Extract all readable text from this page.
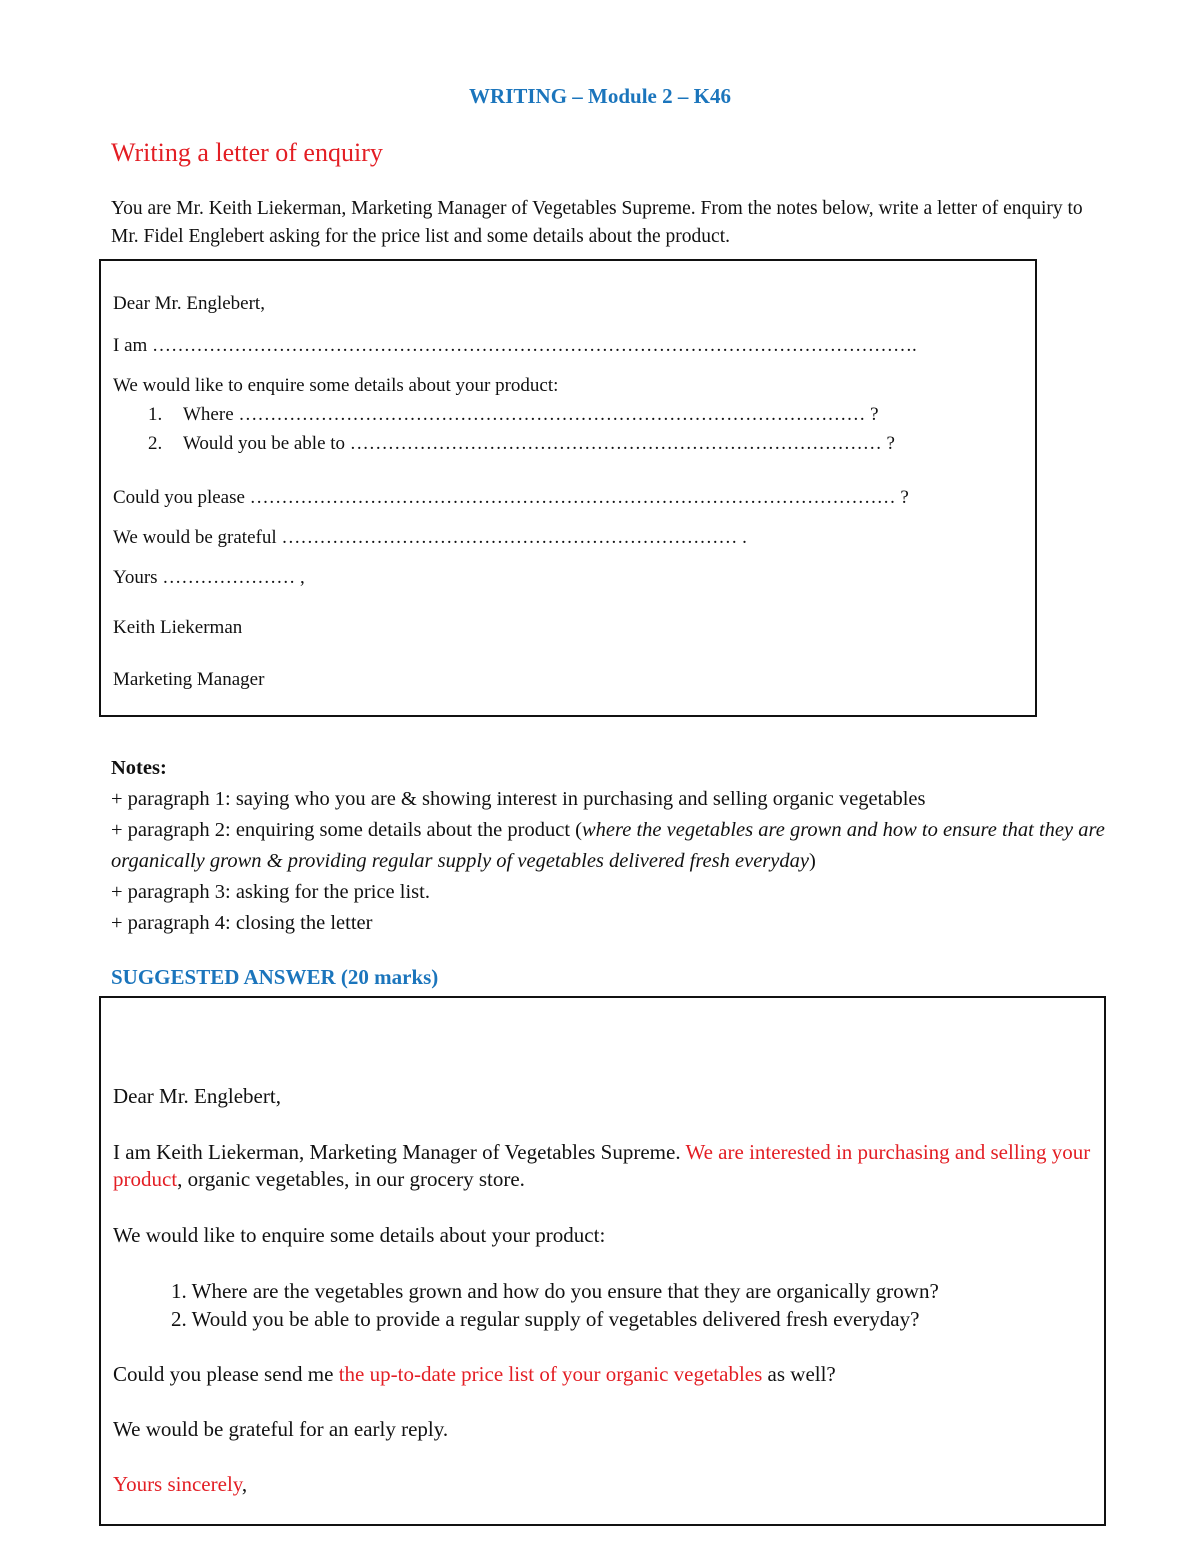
WRITING – Module 2 – K46
Writing a letter of enquiry
You are Mr. Keith Liekerman, Marketing Manager of Vegetables Supreme. From the notes below, write a letter of enquiry to Mr. Fidel Englebert asking for the price list and some details about the product.
Dear Mr. Englebert,
I am ………………………………………………………………………………………………………….
We would like to enquire some details about your product:
1. Where ……………………………………………………………………………………… ?
2. Would you be able to ………………………………………………………………………… ?
Could you please ………………………………………………………………………………………… ?
We would be grateful ……………………………………………………………… .
Yours ………………… ,
Keith Liekerman
Marketing Manager
Notes:
+ paragraph 1: saying who you are & showing interest in purchasing and selling organic vegetables
+ paragraph 2: enquiring some details about the product (where the vegetables are grown and how to ensure that they are organically grown & providing regular supply of vegetables delivered fresh everyday)
+ paragraph 3: asking for the price list.
+ paragraph 4: closing the letter
SUGGESTED ANSWER (20 marks)
Dear Mr. Englebert,
I am Keith Liekerman, Marketing Manager of Vegetables Supreme. We are interested in purchasing and selling your product, organic vegetables, in our grocery store.
We would like to enquire some details about your product:
1. Where are the vegetables grown and how do you ensure that they are organically grown?
2. Would you be able to provide a regular supply of vegetables delivered fresh everyday?
Could you please send me the up-to-date price list of your organic vegetables as well?
We would be grateful for an early reply.
Yours sincerely,
